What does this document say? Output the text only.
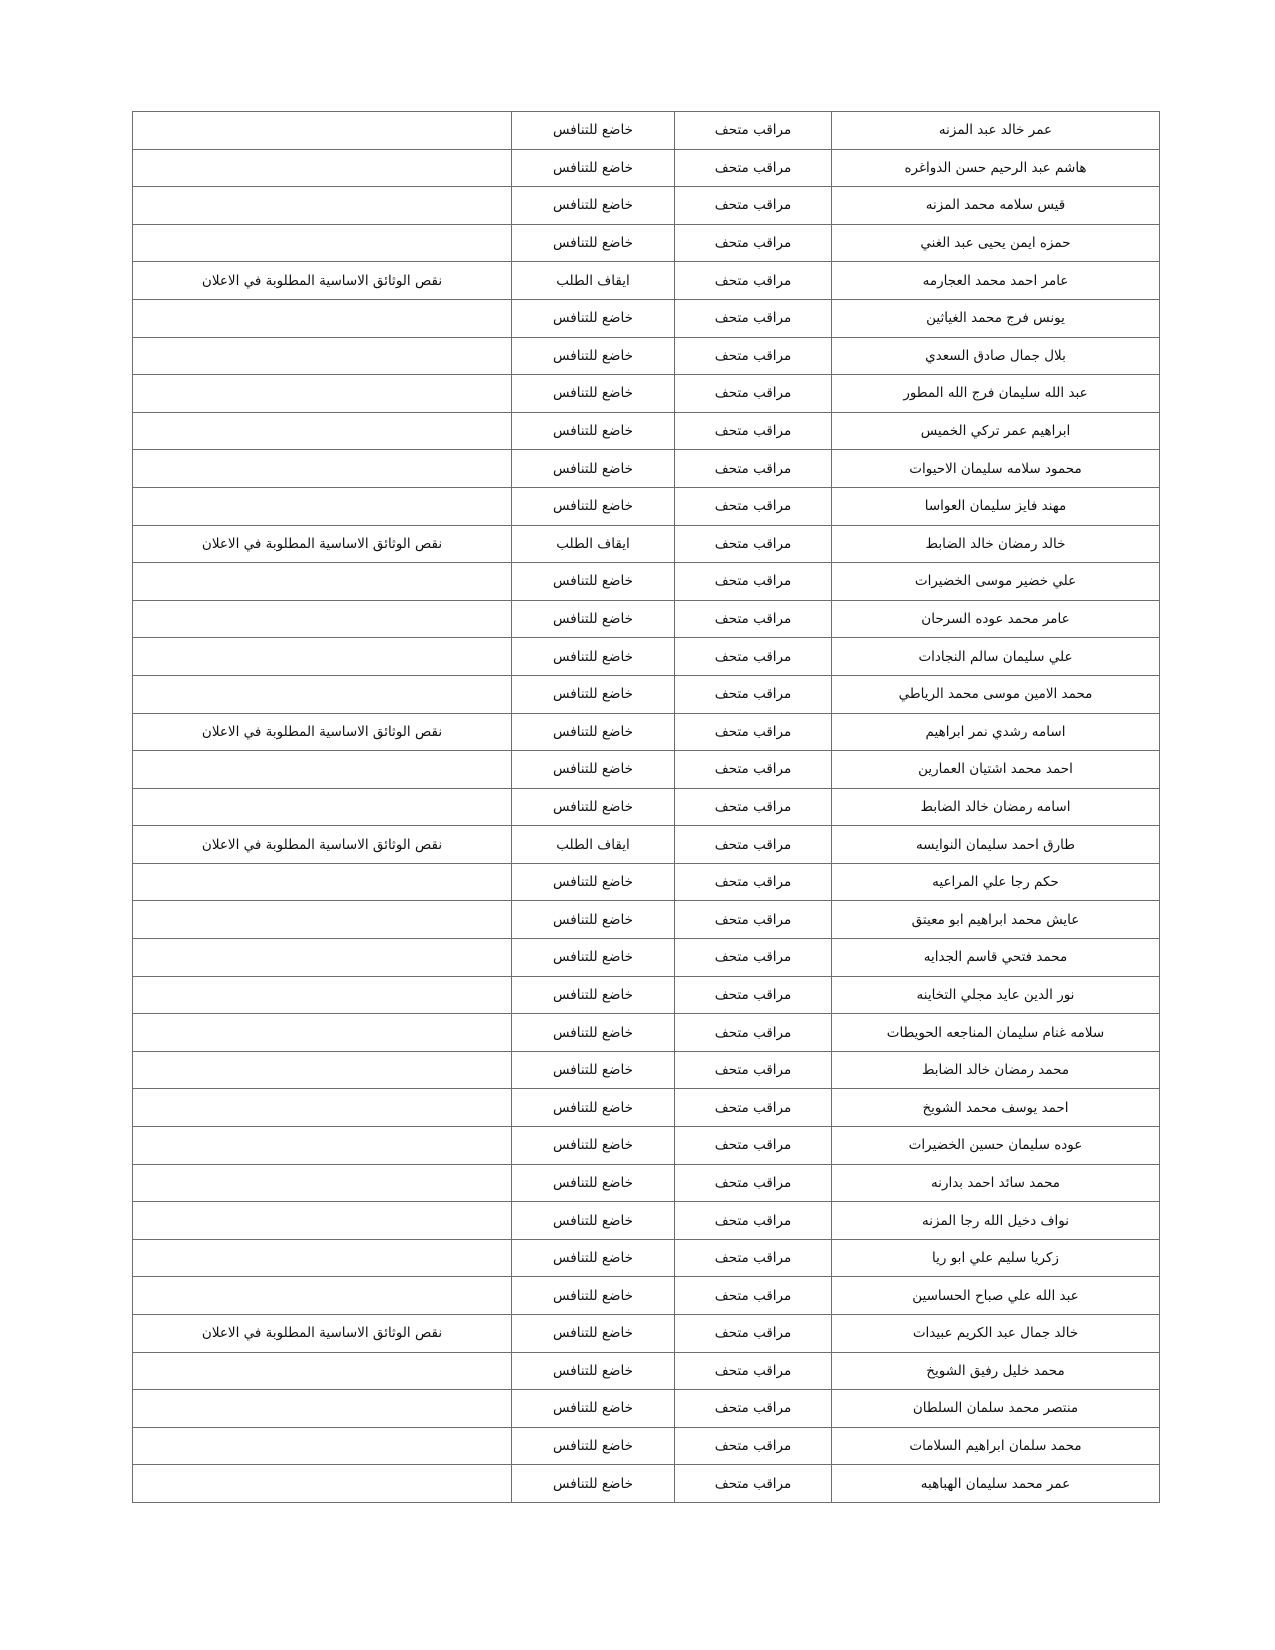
	خاضع للتنافس	مراقب متحف	عمر خالد عبد المزنه
	خاضع للتنافس	مراقب متحف	هاشم عبد الرحيم حسن الدواغره
	خاضع للتنافس	مراقب متحف	قيس سلامه محمد المزنه
	خاضع للتنافس	مراقب متحف	حمزه ايمن يحيى عبد الغني
نقص الوثائق الاساسية المطلوبة في الاعلان	ايقاف الطلب	مراقب متحف	عامر احمد محمد العجارمه
	خاضع للتنافس	مراقب متحف	يونس فرج محمد الغياثين
	خاضع للتنافس	مراقب متحف	بلال جمال صادق السعدي
	خاضع للتنافس	مراقب متحف	عبد الله سليمان فرج الله المطور
	خاضع للتنافس	مراقب متحف	ابراهيم عمر تركي الخميس
	خاضع للتنافس	مراقب متحف	محمود سلامه سليمان الاحيوات
	خاضع للتنافس	مراقب متحف	مهند فايز سليمان العواسا
نقص الوثائق الاساسية المطلوبة في الاعلان	ايقاف الطلب	مراقب متحف	خالد رمضان خالد الضابط
	خاضع للتنافس	مراقب متحف	علي خضير موسى الخضيرات
	خاضع للتنافس	مراقب متحف	عامر محمد عوده السرحان
	خاضع للتنافس	مراقب متحف	علي سليمان سالم النجادات
	خاضع للتنافس	مراقب متحف	محمد الامين موسى محمد الرياطي
نقص الوثائق الاساسية المطلوبة في الاعلان	خاضع للتنافس	مراقب متحف	اسامه رشدي نمر ابراهيم
	خاضع للتنافس	مراقب متحف	احمد محمد اشتيان العمارين
	خاضع للتنافس	مراقب متحف	اسامه رمضان خالد الضابط
نقص الوثائق الاساسية المطلوبة في الاعلان	ايقاف الطلب	مراقب متحف	طارق احمد سليمان النوايسه
	خاضع للتنافس	مراقب متحف	حكم رجا علي المراعيه
	خاضع للتنافس	مراقب متحف	عايش محمد ابراهيم ابو معيتق
	خاضع للتنافس	مراقب متحف	محمد فتحي قاسم الجدايه
	خاضع للتنافس	مراقب متحف	نور الدين عايد مجلي التخاينه
	خاضع للتنافس	مراقب متحف	سلامه غنام سليمان المناجعه الحويطات
	خاضع للتنافس	مراقب متحف	محمد رمضان خالد الضابط
	خاضع للتنافس	مراقب متحف	احمد يوسف محمد الشويخ
	خاضع للتنافس	مراقب متحف	عوده سليمان حسين الخضيرات
	خاضع للتنافس	مراقب متحف	محمد سائد احمد بدارنه
	خاضع للتنافس	مراقب متحف	نواف دخيل الله رجا المزنه
	خاضع للتنافس	مراقب متحف	زكريا سليم علي ابو ريا
	خاضع للتنافس	مراقب متحف	عبد الله علي صباح الحساسين
نقص الوثائق الاساسية المطلوبة في الاعلان	خاضع للتنافس	مراقب متحف	خالد جمال عبد الكريم عبيدات
	خاضع للتنافس	مراقب متحف	محمد خليل رفيق الشويخ
	خاضع للتنافس	مراقب متحف	منتصر محمد سلمان السلطان
	خاضع للتنافس	مراقب متحف	محمد سلمان ابراهيم السلامات
	خاضع للتنافس	مراقب متحف	عمر محمد سليمان الهباهبه
